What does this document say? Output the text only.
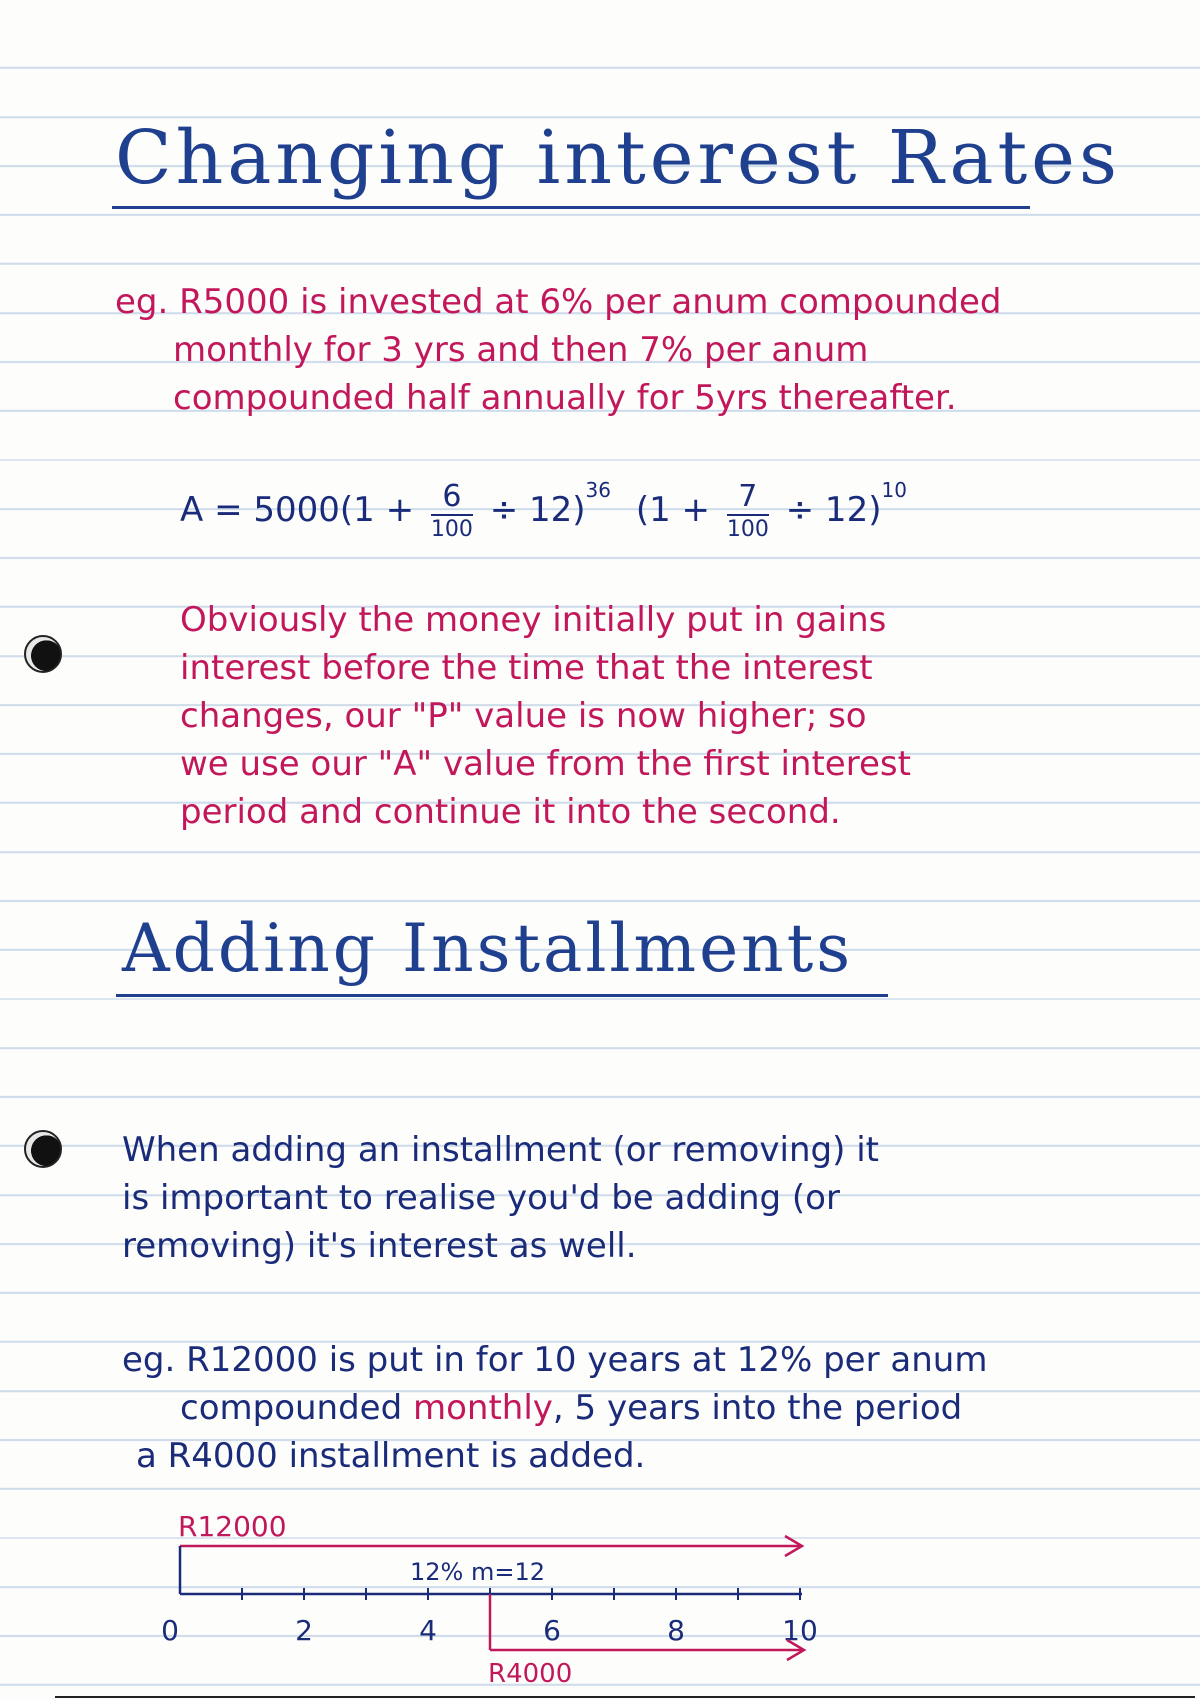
Changing interest Rates
eg. R5000 is invested at 6% per anum compounded
monthly for 3 yrs and then 7% per anum
compounded half annually for 5yrs thereafter.
$A = 5000(1 + \frac{6}{100} \div 12)^{36}$ $(1 + \frac{7}{100} \div 12)^{10}$
Obviously the money initially put in gains
interest before the time that the interest
changes, our "P" value is now higher; so
we use our "A" value from the first interest
period and continue it into the second.
Adding Installments
When adding an installment (or removing) it
is important to realise you'd be adding (or
removing) it's interest as well.
eg. R12000 is put in for 10 years at 12% per anum
compounded monthly, 5 years into the period
a R4000 installment is added.
R12000
12% m=12
0	2	4	6	8	10
R4000
